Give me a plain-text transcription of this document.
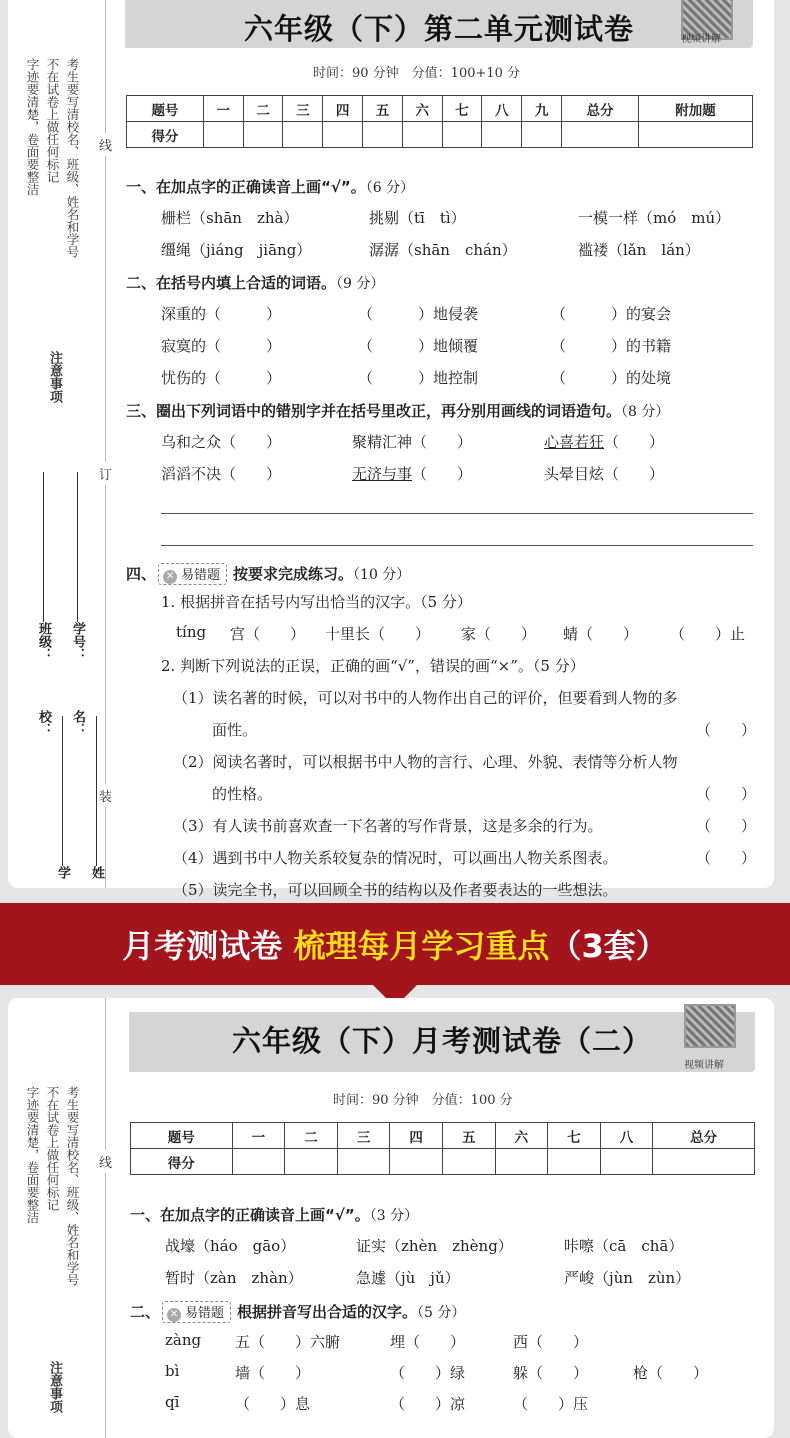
考生要写清校名、班级、姓名和学号
不在试卷上做任何标记
字迹要清楚，卷面要整洁
注意事项
班级： 学号：
学校：
姓名：
线
订
装
六年级（下）第二单元测试卷	视频讲解
时间：90 分钟　分值：100+10 分
题号	一	二	三	四	五	六	七	八	九	总分	附加题
得分											
一、在加点字的正确读音上画“√”。（6 分）
栅栏（shān　zhà）	挑剔（tī　tì）	一模一样（mó　mú）
缰绳（jiáng　jiāng）	潺潺（shān　chán）	褴褛（lǎn　lán）
二、在括号内填上合适的词语。（9 分）
深重的（　　　）	（　　　）地侵袭	（　　　）的宴会
寂寞的（　　　）	（　　　）地倾覆	（　　　）的书籍
忧伤的（　　　）	（　　　）地控制	（　　　）的处境
三、圈出下列词语中的错别字并在括号里改正，再分别用画线的词语造句。（8 分）
乌和之众（　　）	聚精汇神（　　）	心喜若狂（　　）
滔滔不决（　　）	无济与事（　　）	头晕目炫（　　）
四、 ✕ 易错题 按要求完成练习。（10 分）
1. 根据拼音在括号内写出恰当的汉字。（5 分）
tíng 宫（　　） 十里长（　　） 家（　　） 蜻（　　） （　　）止
2. 判断下列说法的正误，正确的画“√”，错误的画“×”。（5 分）
（1）读名著的时候，可以对书中的人物作出自己的评价，但要看到人物的多
面性。	（　　）
（2）阅读名著时，可以根据书中人物的言行、心理、外貌、表情等分析人物
的性格。	（　　）
（3）有人读书前喜欢查一下名著的写作背景，这是多余的行为。	（　　）
（4）遇到书中人物关系较复杂的情况时，可以画出人物关系图表。	（　　）
（5）读完全书，可以回顾全书的结构以及作者要表达的一些想法。
月考测试卷 梳理每月学习重点（3套）
考生要写清校名、班级、姓名和学号
不在试卷上做任何标记
字迹要清楚，卷面要整洁
注意事项
线
六年级（下）月考测试卷（二）
视频讲解
时间：90 分钟　分值：100 分
题号	一	二	三	四	五	六	七	八	总分
得分									
一、在加点字的正确读音上画“√”。（3 分）
战壕（háo　gāo）	证实（zhèn　zhèng）	咔嚓（cā　chā）
暂时（zàn　zhàn）	急遽（jù　jǔ）	严峻（jùn　zùn）
二、 ✕ 易错题 根据拼音写出合适的汉字。（5 分）
zàng 五（　　）六腑	埋（　　）	西（　　）
bì	墙（　　）	（　　）绿	躲（　　）	枪（　　）
qī	（　　）息	（　　）凉	（　　）压
